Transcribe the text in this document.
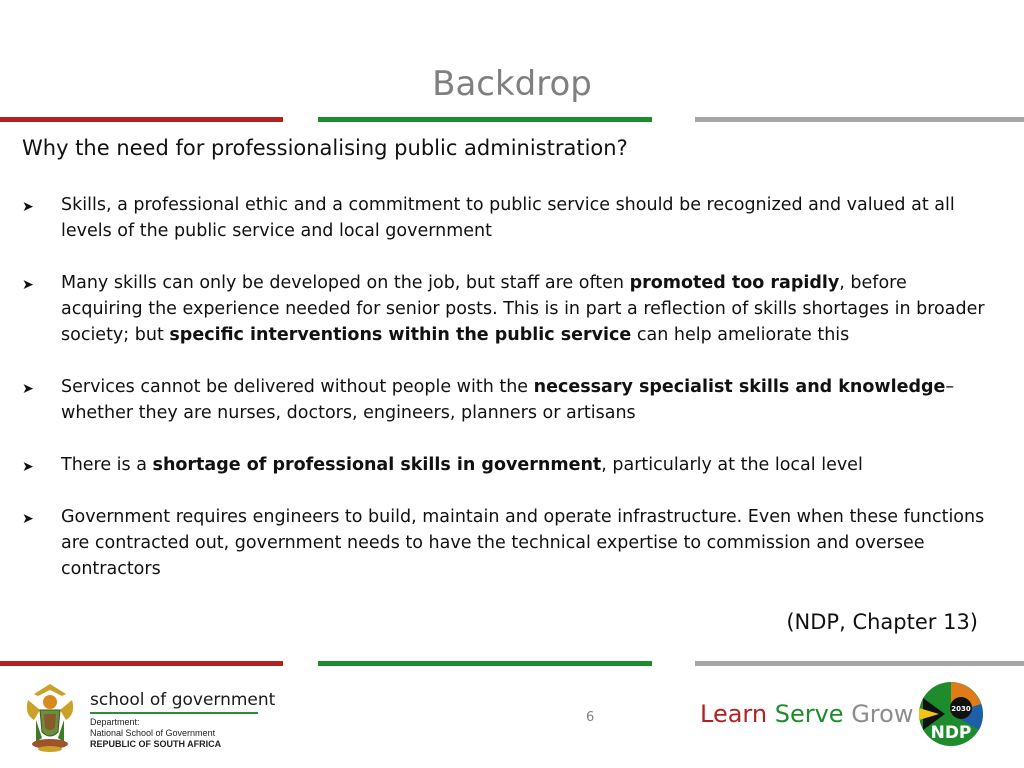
Backdrop
Why the need for professionalising public administration?
➤ Skills, a professional ethic and a commitment to public service should be recognized and valued at all levels of the public service and local government
➤ Many skills can only be developed on the job, but staff are often promoted too rapidly, before acquiring the experience needed for senior posts. This is in part a reflection of skills shortages in broader society; but specific interventions within the public service can help ameliorate this
➤ Services cannot be delivered without people with the necessary specialist skills and knowledge– whether they are nurses, doctors, engineers, planners or artisans
➤ There is a shortage of professional skills in government, particularly at the local level
➤ Government requires engineers to build, maintain and operate infrastructure. Even when these functions are contracted out, government needs to have the technical expertise to commission and oversee contractors
(NDP, Chapter 13)
school of government
Department:
National School of Government
REPUBLIC OF SOUTH AFRICA
6	Learn Serve Grow	2030
NDP
